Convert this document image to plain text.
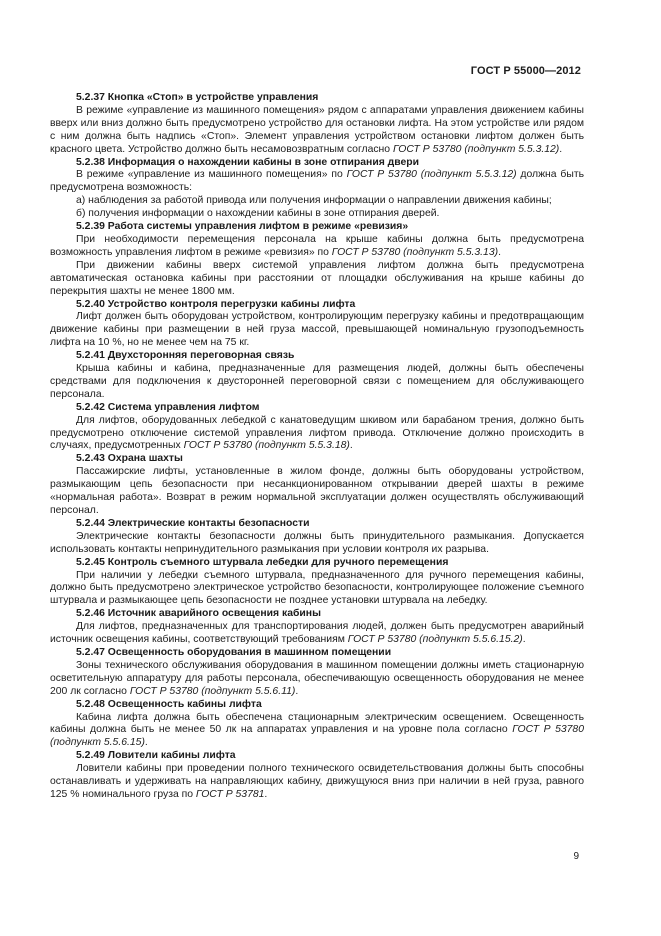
ГОСТ Р 55000—2012

5.2.37 Кнопка «Стоп» в устройстве управления

В режиме «управление из машинного помещения» рядом с аппаратами управления движением кабины вверх или вниз должно быть предусмотрено устройство для остановки лифта. На этом устройстве или рядом с ним должна быть надпись «Стоп». Элемент управления устройством остановки лифтом должен быть красного цвета. Устройство должно быть несамовозвратным согласно ГОСТ Р 53780 (подпункт 5.5.3.12).

5.2.38 Информация о нахождении кабины в зоне отпирания двери

В режиме «управление из машинного помещения» по ГОСТ Р 53780 (подпункт 5.5.3.12) должна быть предусмотрена возможность:

а) наблюдения за работой привода или получения информации о направлении движения кабины;

б) получения информации о нахождении кабины в зоне отпирания дверей.

5.2.39 Работа системы управления лифтом в режиме «ревизия»

При необходимости перемещения персонала на крыше кабины должна быть предусмотрена возможность управления лифтом в режиме «ревизия» по ГОСТ Р 53780 (подпункт 5.5.3.13).

При движении кабины вверх системой управления лифтом должна быть предусмотрена автоматическая остановка кабины при расстоянии от площадки обслуживания на крыше кабины до перекрытия шахты не менее 1800 мм.

5.2.40 Устройство контроля перегрузки кабины лифта

Лифт должен быть оборудован устройством, контролирующим перегрузку кабины и предотвращающим движение кабины при размещении в ней груза массой, превышающей номинальную грузоподъемность лифта на 10 %, но не менее чем на 75 кг.

5.2.41 Двухсторонняя переговорная связь

Крыша кабины и кабина, предназначенные для размещения людей, должны быть обеспечены средствами для подключения к двусторонней переговорной связи с помещением для обслуживающего персонала.

5.2.42 Система управления лифтом

Для лифтов, оборудованных лебедкой с канатоведущим шкивом или барабаном трения, должно быть предусмотрено отключение системой управления лифтом привода. Отключение должно происходить в случаях, предусмотренных ГОСТ Р 53780 (подпункт 5.5.3.18).

5.2.43 Охрана шахты

Пассажирские лифты, установленные в жилом фонде, должны быть оборудованы устройством, размыкающим цепь безопасности при несанкционированном открывании дверей шахты в режиме «нормальная работа». Возврат в режим нормальной эксплуатации должен осуществлять обслуживающий персонал.

5.2.44 Электрические контакты безопасности

Электрические контакты безопасности должны быть принудительного размыкания. Допускается использовать контакты непринудительного размыкания при условии контроля их разрыва.

5.2.45 Контроль съемного штурвала лебедки для ручного перемещения

При наличии у лебедки съемного штурвала, предназначенного для ручного перемещения кабины, должно быть предусмотрено электрическое устройство безопасности, контролирующее положение съемного штурвала и размыкающее цепь безопасности не позднее установки штурвала на лебедку.

5.2.46 Источник аварийного освещения кабины

Для лифтов, предназначенных для транспортирования людей, должен быть предусмотрен аварийный источник освещения кабины, соответствующий требованиям ГОСТ Р 53780 (подпункт 5.5.6.15.2).

5.2.47 Освещенность оборудования в машинном помещении

Зоны технического обслуживания оборудования в машинном помещении должны иметь стационарную осветительную аппаратуру для работы персонала, обеспечивающую освещенность оборудования не менее 200 лк согласно ГОСТ Р 53780 (подпункт 5.5.6.11).

5.2.48 Освещенность кабины лифта

Кабина лифта должна быть обеспечена стационарным электрическим освещением. Освещенность кабины должна быть не менее 50 лк на аппаратах управления и на уровне пола согласно ГОСТ Р 53780 (подпункт 5.5.6.15).

5.2.49 Ловители кабины лифта

Ловители кабины при проведении полного технического освидетельствования должны быть способны останавливать и удерживать на направляющих кабину, движущуюся вниз при наличии в ней груза, равного 125 % номинального груза по ГОСТ Р 53781.

9
